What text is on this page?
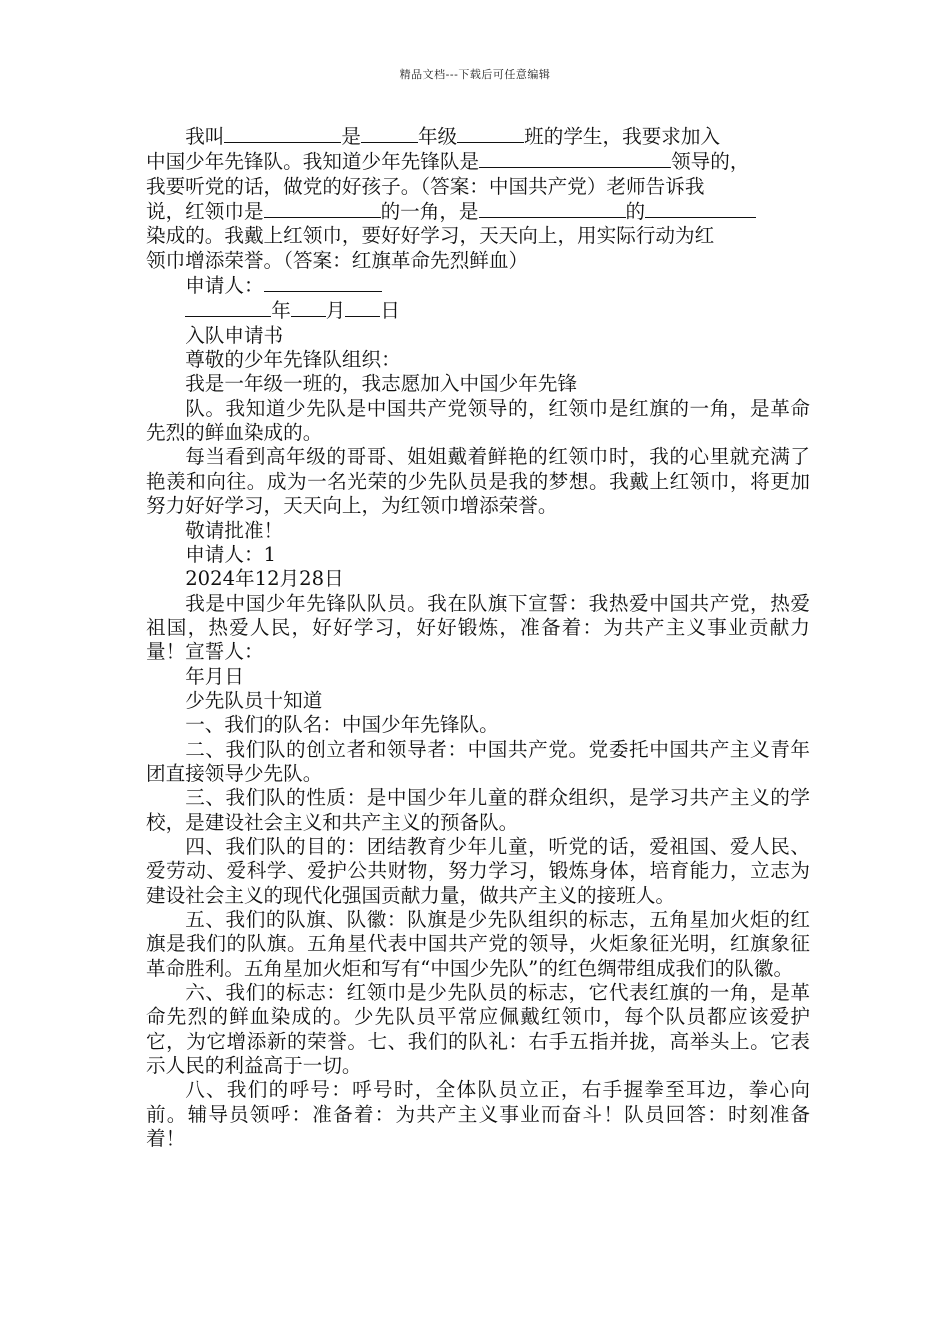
精品文档---下载后可任意编辑

我叫	是	年级	班的学生，我要求加入

中国少年先锋队。我知道少年先锋队是	领导的，

我要听党的话，做党的好孩子。（答案：中国共产党）老师告诉我

说，红领巾是	的一角，是	的

染成的。我戴上红领巾，要好好学习，天天向上，用实际行动为红

领巾增添荣誉。（答案：红旗革命先烈鲜血）

申请人：

年 月 日

入队申请书

尊敬的少年先锋队组织：

我是一年级一班的，我志愿加入中国少年先锋

队。我知道少先队是中国共产党领导的，红领巾是红旗的一角，是革命先烈的鲜血染成的。

每当看到高年级的哥哥、姐姐戴着鲜艳的红领巾时，我的心里就充满了艳羡和向往。成为一名光荣的少先队员是我的梦想。我戴上红领巾，将更加努力好好学习，天天向上，为红领巾增添荣誉。

敬请批准！

申请人：1

2024年12月28日

我是中国少年先锋队队员。我在队旗下宣誓：我热爱中国共产党，热爱祖国，热爱人民，好好学习，好好锻炼，准备着：为共产主义事业贡献力量！宣誓人：

年月日

少先队员十知道

一、我们的队名：中国少年先锋队。

二、我们队的创立者和领导者：中国共产党。党委托中国共产主义青年团直接领导少先队。

三、我们队的性质：是中国少年儿童的群众组织，是学习共产主义的学校，是建设社会主义和共产主义的预备队。

四、我们队的目的：团结教育少年儿童，听党的话，爱祖国、爱人民、爱劳动、爱科学、爱护公共财物，努力学习，锻炼身体，培育能力，立志为建设社会主义的现代化强国贡献力量，做共产主义的接班人。

五、我们的队旗、队徽：队旗是少先队组织的标志，五角星加火炬的红旗是我们的队旗。五角星代表中国共产党的领导，火炬象征光明，红旗象征革命胜利。五角星加火炬和写有“中国少先队”的红色绸带组成我们的队徽。

六、我们的标志：红领巾是少先队员的标志，它代表红旗的一角，是革命先烈的鲜血染成的。少先队员平常应佩戴红领巾，每个队员都应该爱护它，为它增添新的荣誉。七、我们的队礼：右手五指并拢，高举头上。它表示人民的利益高于一切。

八、我们的呼号：呼号时，全体队员立正，右手握拳至耳边，拳心向前。辅导员领呼：准备着：为共产主义事业而奋斗！队员回答：时刻准备着！
